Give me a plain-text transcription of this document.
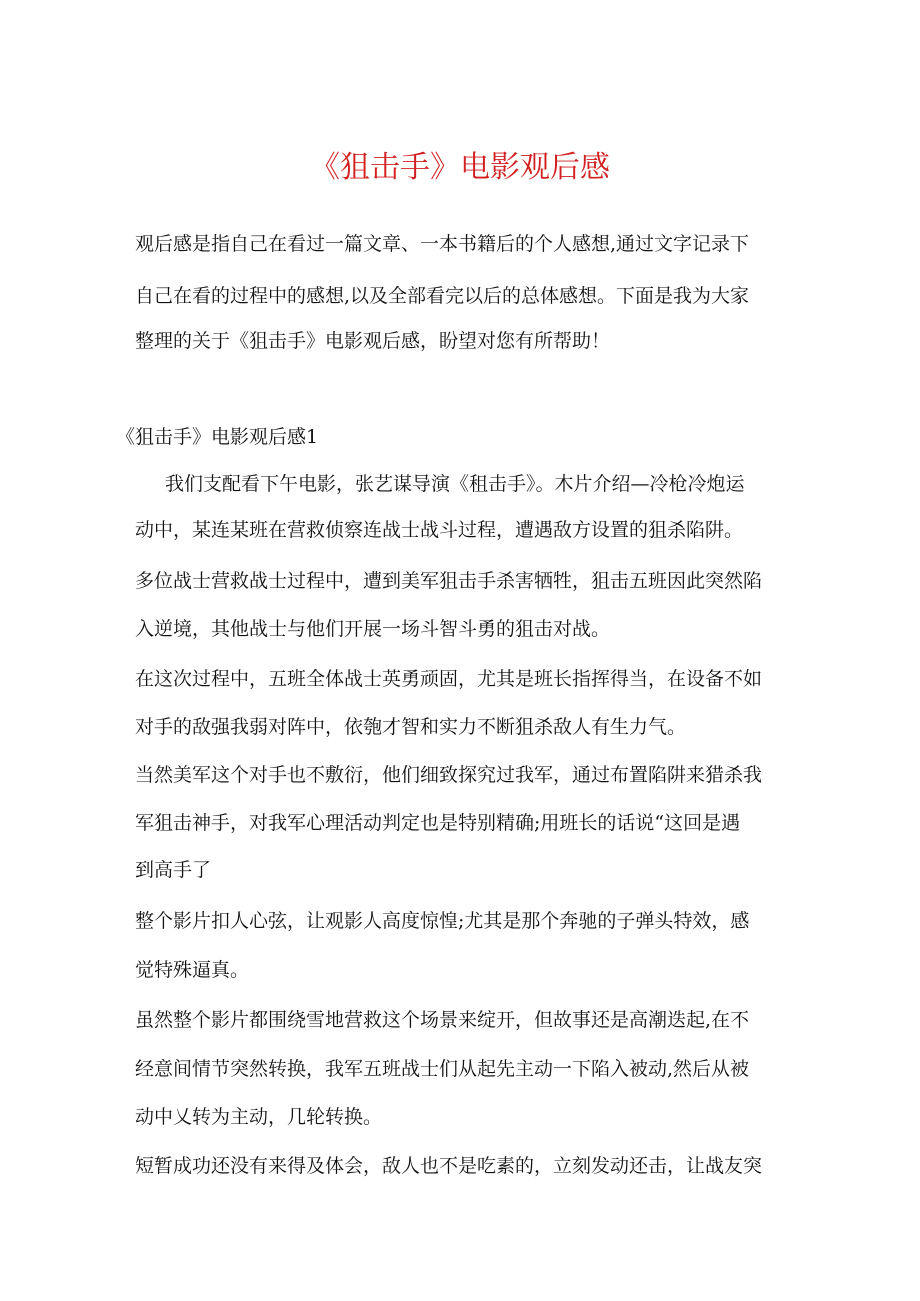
《狙击手》电影观后感

观后感是指自己在看过一篇文章、一本书籍后的个人感想,通过文字记录下

自己在看的过程中的感想,以及全部看完以后的总体感想。下面是我为大家

整理的关于《狙击手》电影观后感，盼望对您有所帮助！

《狙击手》电影观后感1

我们支配看下午电影，张艺谋导演《租击手》。木片介绍—冷枪冷炮运

动中，某连某班在营救侦察连战士战斗过程，遭遇敌方设置的狙杀陷阱。

多位战士营救战士过程中，遭到美军狙击手杀害牺牲，狙击五班因此突然陷

入逆境，其他战士与他们开展一场斗智斗勇的狙击对战。

在这次过程中，五班全体战士英勇顽固，尤其是班长指挥得当，在设备不如

对手的敌强我弱对阵中，依匏才智和实力不断狙杀敌人有生力气。

当然美军这个对手也不敷衍，他们细致探究过我军，通过布置陷阱来猎杀我

军狙击神手，对我军心理活动判定也是特别精确;用班长的话说“这回是遇

到高手了

整个影片扣人心弦，让观影人高度惊惶;尤其是那个奔驰的子弹头特效，感

觉特殊逼真。

虽然整个影片都围绕雪地营救这个场景来绽开，但故事还是高潮迭起,在不

经意间情节突然转换，我军五班战士们从起先主动一下陷入被动,然后从被

动中乂转为主动，几轮转换。

短暂成功还没有来得及体会，敌人也不是吃素的，立刻发动还击，让战友突
